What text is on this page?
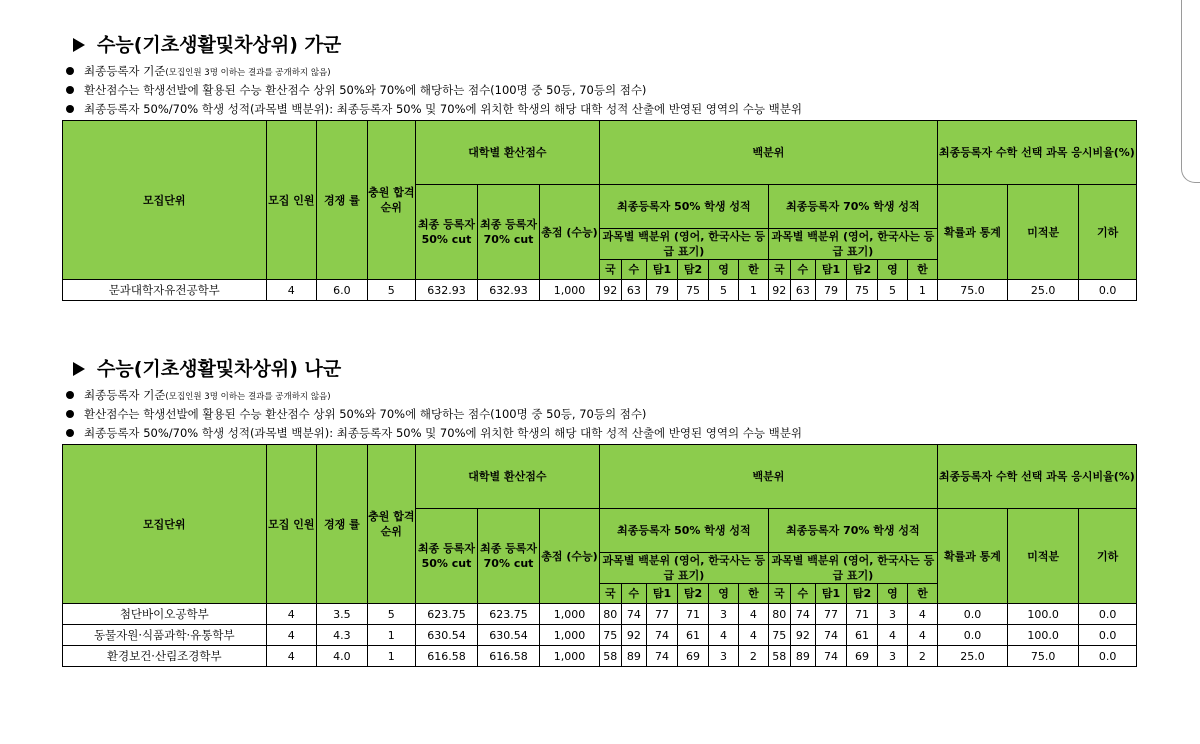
수능(기초생활및차상위) 가군
최종등록자 기준(모집인원 3명 이하는 결과를 공개하지 않음)
환산점수는 학생선발에 활용된 수능 환산점수 상위 50%와 70%에 해당하는 점수(100명 중 50등, 70등의 점수)
최종등록자 50%/70% 학생 성적(과목별 백분위): 최종등록자 50% 및 70%에 위치한 학생의 해당 대학 성적 산출에 반영된 영역의 수능 백분위
모집단위	모집 인원	경쟁 률	충원 합격 순위	대학별 환산점수			백분위												최종등록자 수학 선택 과목 응시비율(%)		
				최종 등록자 50% cut	최종 등록자 70% cut	총점 (수능)	최종등록자 50% 학생 성적						최종등록자 70% 학생 성적						확률과 통계	미적분	기하
							과목별 백분위 (영어, 한국사는 등급 표기)						과목별 백분위 (영어, 한국사는 등급 표기)								
							국	수	탐1	탐2	영	한	국	수	탐1	탐2	영	한			
문과대학자유전공학부	4	6.0	5	632.93	632.93	1,000	92	63	79	75	5	1	92	63	79	75	5	1	75.0	25.0	0.0
수능(기초생활및차상위) 나군
최종등록자 기준(모집인원 3명 이하는 결과를 공개하지 않음)
환산점수는 학생선발에 활용된 수능 환산점수 상위 50%와 70%에 해당하는 점수(100명 중 50등, 70등의 점수)
최종등록자 50%/70% 학생 성적(과목별 백분위): 최종등록자 50% 및 70%에 위치한 학생의 해당 대학 성적 산출에 반영된 영역의 수능 백분위
모집단위	모집 인원	경쟁 률	충원 합격 순위	대학별 환산점수			백분위												최종등록자 수학 선택 과목 응시비율(%)		
				최종 등록자 50% cut	최종 등록자 70% cut	총점 (수능)	최종등록자 50% 학생 성적						최종등록자 70% 학생 성적						확률과 통계	미적분	기하
							과목별 백분위 (영어, 한국사는 등급 표기)						과목별 백분위 (영어, 한국사는 등급 표기)								
							국	수	탐1	탐2	영	한	국	수	탐1	탐2	영	한			
첨단바이오공학부	4	3.5	5	623.75	623.75	1,000	80	74	77	71	3	4	80	74	77	71	3	4	0.0	100.0	0.0
동물자원·식품과학·유통학부	4	4.3	1	630.54	630.54	1,000	75	92	74	61	4	4	75	92	74	61	4	4	0.0	100.0	0.0
환경보건·산림조경학부	4	4.0	1	616.58	616.58	1,000	58	89	74	69	3	2	58	89	74	69	3	2	25.0	75.0	0.0
